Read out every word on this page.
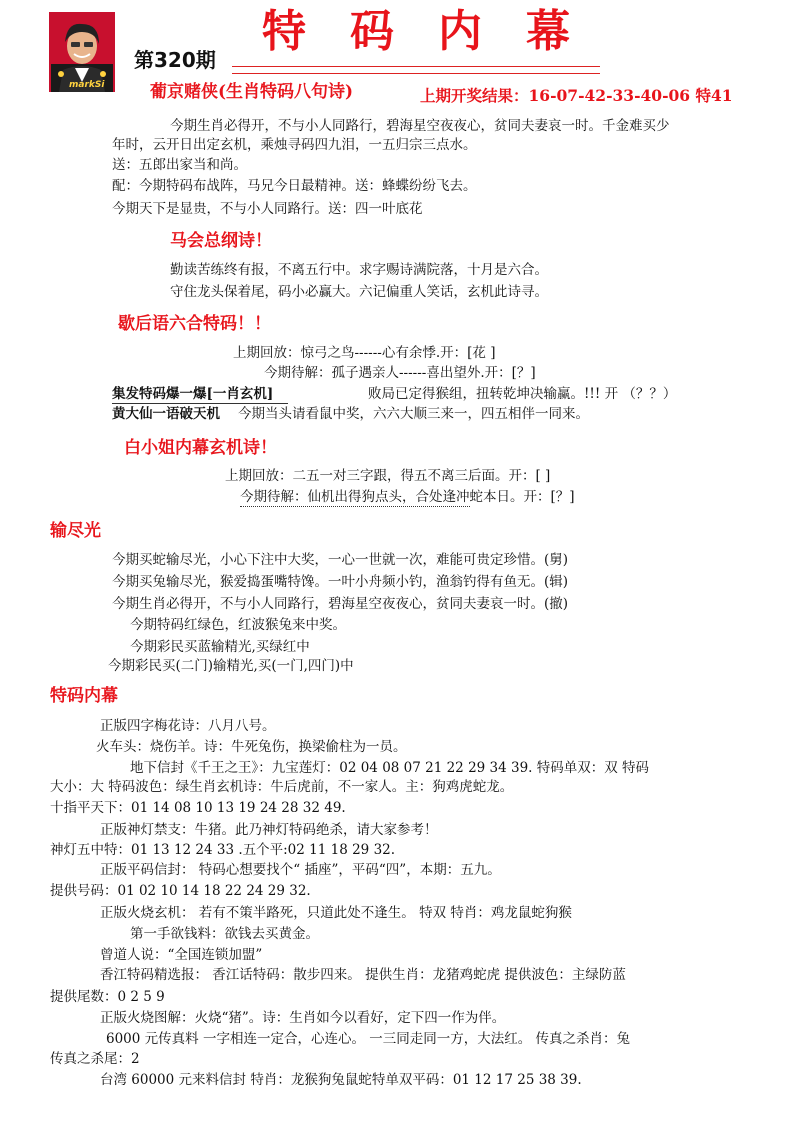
markSi
第320期
特码内幕
葡京赌侠(生肖特码八句诗)	上期开奖结果：16-07-42-33-40-06 特41
今期生肖必得开，不与小人同路行，碧海星空夜夜心，贫同夫妻哀一时。千金难买少
年时，云开日出定玄机，乘烛寻码四九泪，一五归宗三点水。
送：五郎出家当和尚。
配：今期特码布战阵，马兄今日最精神。送：蜂蝶纷纷飞去。
今期天下是显贵，不与小人同路行。送：四一叶底花
马会总纲诗！
勤读苦练终有报，不离五行中。求字赐诗满院落，十月是六合。
守住龙头保着尾，码小必赢大。六记偏重人笑话，玄机此诗寻。
歇后语六合特码！！
上期回放：惊弓之鸟------心有余悸.开：[花 ]
今期待解：孤子遇亲人------喜出望外.开：[？]
集发特码爆一爆[一肖玄机]	败局已定得猴组，扭转乾坤决输赢。!!! 开 （？？）
黄大仙一语破天机 今期当头请看鼠中奖，六六大顺三来一，四五相伴一同来。
白小姐内幕玄机诗！
上期回放：二五一对三字跟，得五不离三后面。开：[ ]
今期待解：仙机出得狗点头，合处逢冲蛇本日。开：[？]
输尽光
今期买蛇输尽光，小心下注中大奖，一心一世就一次，难能可贵定珍惜。(舅)
今期买兔输尽光，猴爱捣蛋嘴特馋。一叶小舟频小钓，渔翁钓得有鱼无。(辑)
今期生肖必得开，不与小人同路行，碧海星空夜夜心，贫同夫妻哀一时。(撤)
今期特码红绿色，红波猴兔来中奖。
今期彩民买蓝输精光,买绿红中
今期彩民买(二门)输精光,买(一门,四门)中
特码内幕
正版四字梅花诗：八月八号。
火车头：烧伤羊。诗：牛死兔伤，换梁偷柱为一员。
地下信封《千王之王》：九宝莲灯：02 04 08 07 21 22 29 34 39. 特码单双：双 特码
大小：大 特码波色：绿生肖玄机诗：牛后虎前，不一家人。主：狗鸡虎蛇龙。
十指平天下：01 14 08 10 13 19 24 28 32 49.
正版神灯禁支：牛猪。此乃神灯特码绝杀，请大家参考！
神灯五中特：01 13 12 24 33 .五个平:02 11 18 29 32.
正版平码信封： 特码心想要找个“ 插座”，平码“四”，本期：五九。
提供号码：01 02 10 14 18 22 24 29 32.
正版火烧玄机： 若有不策半路死，只道此处不逢生。 特双 特肖：鸡龙鼠蛇狗猴
第一手欲钱料：欲钱去买黄金。
曾道人说：“全国连锁加盟”
香江特码精选报： 香江话特码：散步四来。 提供生肖：龙猪鸡蛇虎 提供波色：主绿防蓝
提供尾数：0 2 5 9
正版火烧图解：火烧“猪”。诗：生肖如今以看好，定下四一作为伴。
6000 元传真料 一字相连一定合，心连心。 一三同走同一方，大法红。 传真之杀肖：兔
传真之杀尾：2
台湾 60000 元来料信封 特肖：龙猴狗兔鼠蛇特单双平码：01 12 17 25 38 39.
